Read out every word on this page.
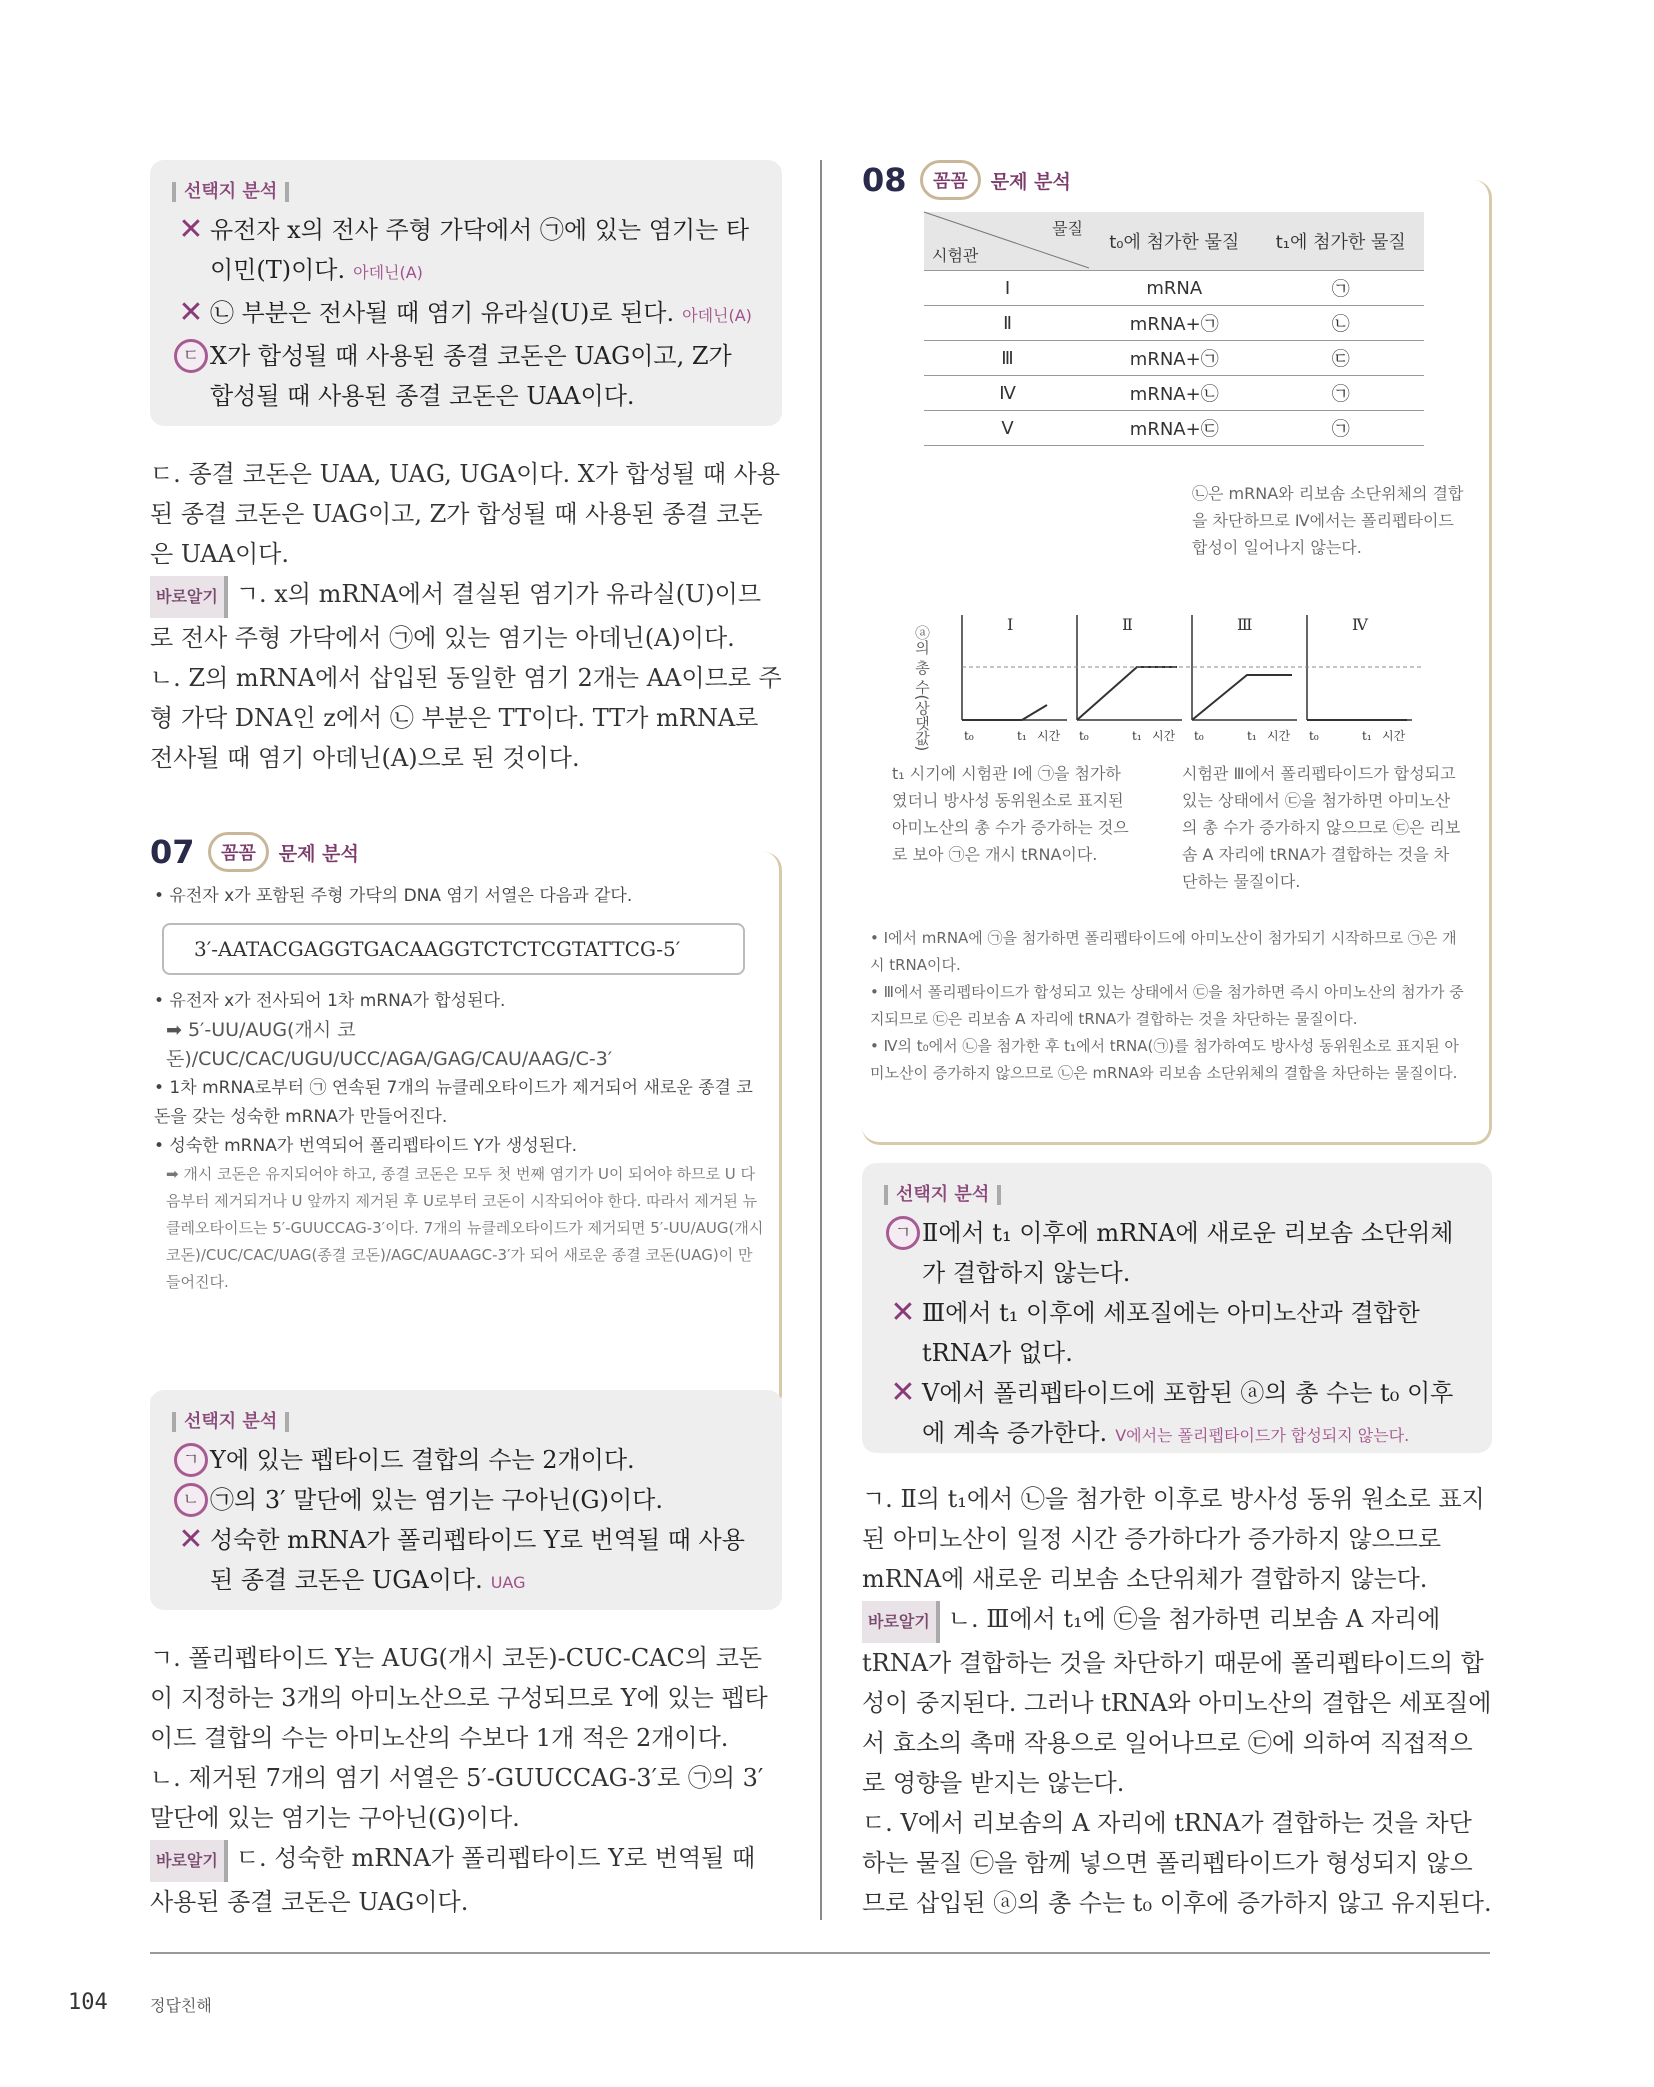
선택지 분석
✕ 유전자 x의 전사 주형 가닥에서 ㉠에 있는 염기는 타이민(T)이다. 아데닌(A)
✕ ㉡ 부분은 전사될 때 염기 유라실(U)로 된다. 아데닌(A)
ㄷ X가 합성될 때 사용된 종결 코돈은 UAG이고, Z가 합성될 때 사용된 종결 코돈은 UAA이다.

ㄷ. 종결 코돈은 UAA, UAG, UGA이다. X가 합성될 때 사용된 종결 코돈은 UAG이고, Z가 합성될 때 사용된 종결 코돈은 UAA이다.

바로알기 ㄱ. x의 mRNA에서 결실된 염기가 유라실(U)이므로 전사 주형 가닥에서 ㉠에 있는 염기는 아데닌(A)이다.

ㄴ. Z의 mRNA에서 삽입된 동일한 염기 2개는 AA이므로 주형 가닥 DNA인 z에서 ㉡ 부분은 TT이다. TT가 mRNA로 전사될 때 염기 아데닌(A)으로 된 것이다.

07	꼼꼼	문제 분석
• 유전자 x가 포함된 주형 가닥의 DNA 염기 서열은 다음과 같다.
3′-AATACGAGGTGACAAGGTCTCTCGTATTCG-5′
• 유전자 x가 전사되어 1차 mRNA가 합성된다.
➡ 5′-UU/AUG(개시 코돈)/CUC/CAC/UGU/UCC/AGA/GAG/CAU/AAG/C-3′
• 1차 mRNA로부터 ㉠ 연속된 7개의 뉴클레오타이드가 제거되어 새로운 종결 코돈을 갖는 성숙한 mRNA가 만들어진다.
• 성숙한 mRNA가 번역되어 폴리펩타이드 Y가 생성된다.
➡ 개시 코돈은 유지되어야 하고, 종결 코돈은 모두 첫 번째 염기가 U이 되어야 하므로 U 다음부터 제거되거나 U 앞까지 제거된 후 U로부터 코돈이 시작되어야 한다. 따라서 제거된 뉴클레오타이드는 5′-GUUCCAG-3′이다. 7개의 뉴클레오타이드가 제거되면 5′-UU/AUG(개시 코돈)/CUC/CAC/UAG(종결 코돈)/AGC/AUAAGC-3′가 되어 새로운 종결 코돈(UAG)이 만들어진다.
선택지 분석
ㄱ Y에 있는 펩타이드 결합의 수는 2개이다.
ㄴ ㉠의 3′ 말단에 있는 염기는 구아닌(G)이다.
✕ 성숙한 mRNA가 폴리펩타이드 Y로 번역될 때 사용된 종결 코돈은 UGA이다. UAG

ㄱ. 폴리펩타이드 Y는 AUG(개시 코돈)-CUC-CAC의 코돈이 지정하는 3개의 아미노산으로 구성되므로 Y에 있는 펩타이드 결합의 수는 아미노산의 수보다 1개 적은 2개이다.

ㄴ. 제거된 7개의 염기 서열은 5′-GUUCCAG-3′로 ㉠의 3′ 말단에 있는 염기는 구아닌(G)이다.

바로알기 ㄷ. 성숙한 mRNA가 폴리펩타이드 Y로 번역될 때 사용된 종결 코돈은 UAG이다.

08	꼼꼼	문제 분석
물질
시험관	t₀에 첨가한 물질	t₁에 첨가한 물질
Ⅰ	mRNA	㉠
Ⅱ	mRNA+㉠	㉡
Ⅲ	mRNA+㉠	㉢
Ⅳ	mRNA+㉡	㉠
Ⅴ	mRNA+㉢	㉠
㉡은 mRNA와 리보솜 소단위체의 결합을 차단하므로 Ⅳ에서는 폴리펩타이드 합성이 일어나지 않는다.
ⓐ의 총 수(상댓값)
Ⅰ
t₀	t₁ 시간
Ⅱ
t₀	t₁ 시간
Ⅲ
t₀	t₁ 시간
Ⅳ
t₀	t₁ 시간
t₁ 시기에 시험관 Ⅰ에 ㉠을 첨가하였더니 방사성 동위원소로 표지된 아미노산의 총 수가 증가하는 것으로 보아 ㉠은 개시 tRNA이다.
시험관 Ⅲ에서 폴리펩타이드가 합성되고 있는 상태에서 ㉢을 첨가하면 아미노산의 총 수가 증가하지 않으므로 ㉢은 리보솜 A 자리에 tRNA가 결합하는 것을 차단하는 물질이다.
• Ⅰ에서 mRNA에 ㉠을 첨가하면 폴리펩타이드에 아미노산이 첨가되기 시작하므로 ㉠은 개시 tRNA이다.
• Ⅲ에서 폴리펩타이드가 합성되고 있는 상태에서 ㉢을 첨가하면 즉시 아미노산의 첨가가 중지되므로 ㉢은 리보솜 A 자리에 tRNA가 결합하는 것을 차단하는 물질이다.
• Ⅳ의 t₀에서 ㉡을 첨가한 후 t₁에서 tRNA(㉠)를 첨가하여도 방사성 동위원소로 표지된 아미노산이 증가하지 않으므로 ㉡은 mRNA와 리보솜 소단위체의 결합을 차단하는 물질이다.
선택지 분석
ㄱ Ⅱ에서 t₁ 이후에 mRNA에 새로운 리보솜 소단위체가 결합하지 않는다.
✕ Ⅲ에서 t₁ 이후에 세포질에는 아미노산과 결합한 tRNA가 없다.
✕ Ⅴ에서 폴리펩타이드에 포함된 ⓐ의 총 수는 t₀ 이후에 계속 증가한다. Ⅴ에서는 폴리펩타이드가 합성되지 않는다.

ㄱ. Ⅱ의 t₁에서 ㉡을 첨가한 이후로 방사성 동위 원소로 표지된 아미노산이 일정 시간 증가하다가 증가하지 않으므로 mRNA에 새로운 리보솜 소단위체가 결합하지 않는다.

바로알기 ㄴ. Ⅲ에서 t₁에 ㉢을 첨가하면 리보솜 A 자리에 tRNA가 결합하는 것을 차단하기 때문에 폴리펩타이드의 합성이 중지된다. 그러나 tRNA와 아미노산의 결합은 세포질에서 효소의 촉매 작용으로 일어나므로 ㉢에 의하여 직접적으로 영향을 받지는 않는다.

ㄷ. Ⅴ에서 리보솜의 A 자리에 tRNA가 결합하는 것을 차단하는 물질 ㉢을 함께 넣으면 폴리펩타이드가 형성되지 않으므로 삽입된 ⓐ의 총 수는 t₀ 이후에 증가하지 않고 유지된다.

104	정답친해
